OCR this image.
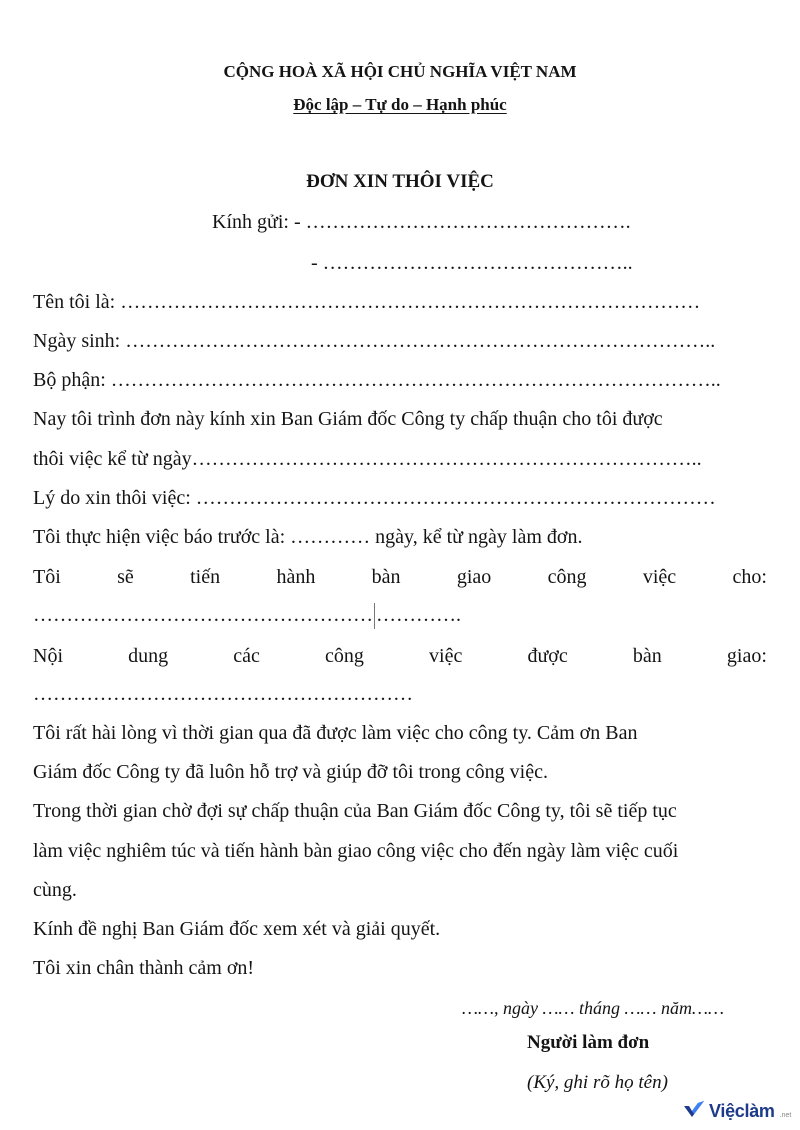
CỘNG HOÀ XÃ HỘI CHỦ NGHĨA VIỆT NAM
Độc lập – Tự do – Hạnh phúc
ĐƠN XIN THÔI VIỆC
Kính gửi: - ………………………………………….
- ………………………………………..
Tên tôi là: ……………………………………………………………………………
Ngày sinh: ……………………………………………………………………………..
Bộ phận: ………………………………………………………………………………..
Nay tôi trình đơn này kính xin Ban Giám đốc Công ty chấp thuận cho tôi được
thôi việc kể từ ngày…………………………………………………………………..
Lý do xin thôi việc: ……………………………………………………………………
Tôi thực hiện việc báo trước là: ………… ngày, kể từ ngày làm đơn.
Tôi	sẽ	tiến	hành	bàn	giao	công	việc	cho:
…………………………………………… ………….
Nội	dung	các	công	việc	được	bàn	giao:
…………………………………………………
Tôi rất hài lòng vì thời gian qua đã được làm việc cho công ty. Cảm ơn Ban
Giám đốc Công ty đã luôn hỗ trợ và giúp đỡ tôi trong công việc.
Trong thời gian chờ đợi sự chấp thuận của Ban Giám đốc Công ty, tôi sẽ tiếp tục
làm việc nghiêm túc và tiến hành bàn giao công việc cho đến ngày làm việc cuối
cùng.
Kính đề nghị Ban Giám đốc xem xét và giải quyết.
Tôi xin chân thành cảm ơn!
……, ngày …… tháng …… năm……
Người làm đơn
(Ký, ghi rõ họ tên)
Việclàm .net
